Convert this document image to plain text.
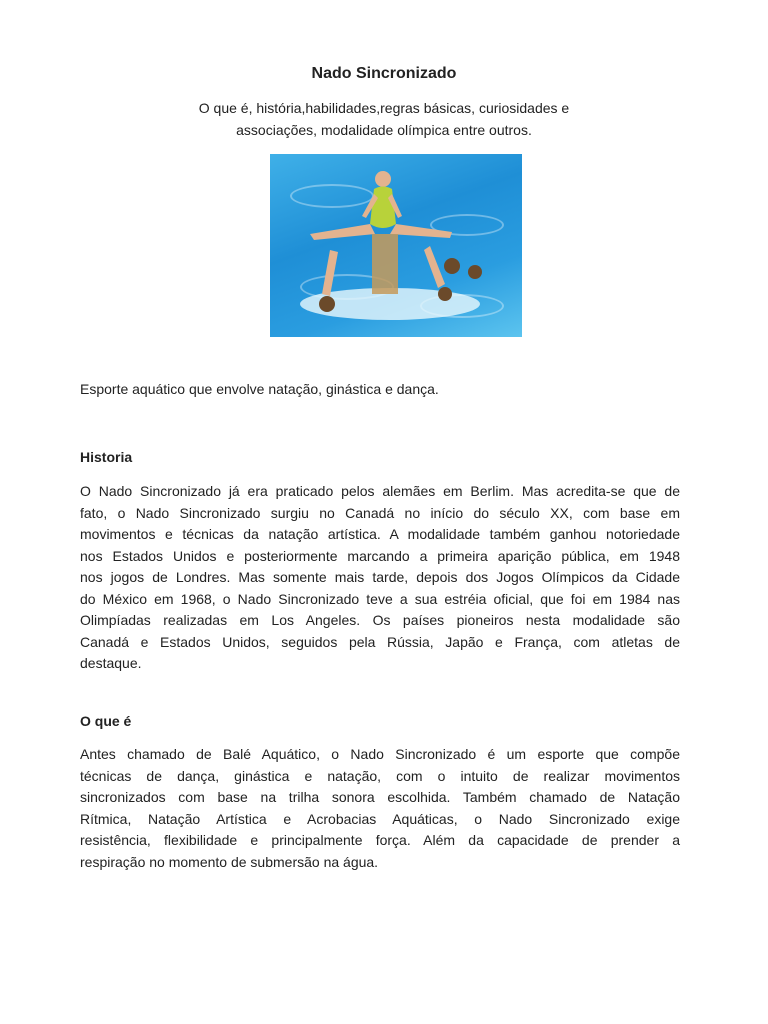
Nado Sincronizado
O que é, história,habilidades,regras básicas, curiosidades e
associações, modalidade olímpica entre outros.
Esporte aquático que envolve natação, ginástica e dança.
Historia
O Nado Sincronizado já era praticado pelos alemães em Berlim. Mas acredita-se que de
fato, o Nado Sincronizado surgiu no Canadá no início do século XX, com base em
movimentos e técnicas da natação artística. A modalidade também ganhou notoriedade
nos Estados Unidos e posteriormente marcando a primeira aparição pública, em 1948
nos jogos de Londres. Mas somente mais tarde, depois dos Jogos Olímpicos da Cidade
do México em 1968, o Nado Sincronizado teve a sua estréia oficial, que foi em 1984 nas
Olimpíadas realizadas em Los Angeles. Os países pioneiros nesta modalidade são
Canadá e Estados Unidos, seguidos pela Rússia, Japão e França, com atletas de
destaque.
O que é
Antes chamado de Balé Aquático, o Nado Sincronizado é um esporte que compõe
técnicas de dança, ginástica e natação, com o intuito de realizar movimentos
sincronizados com base na trilha sonora escolhida. Também chamado de Natação
Rítmica, Natação Artística e Acrobacias Aquáticas, o Nado Sincronizado exige
resistência, flexibilidade e principalmente força. Além da capacidade de prender a
respiração no momento de submersão na água.
